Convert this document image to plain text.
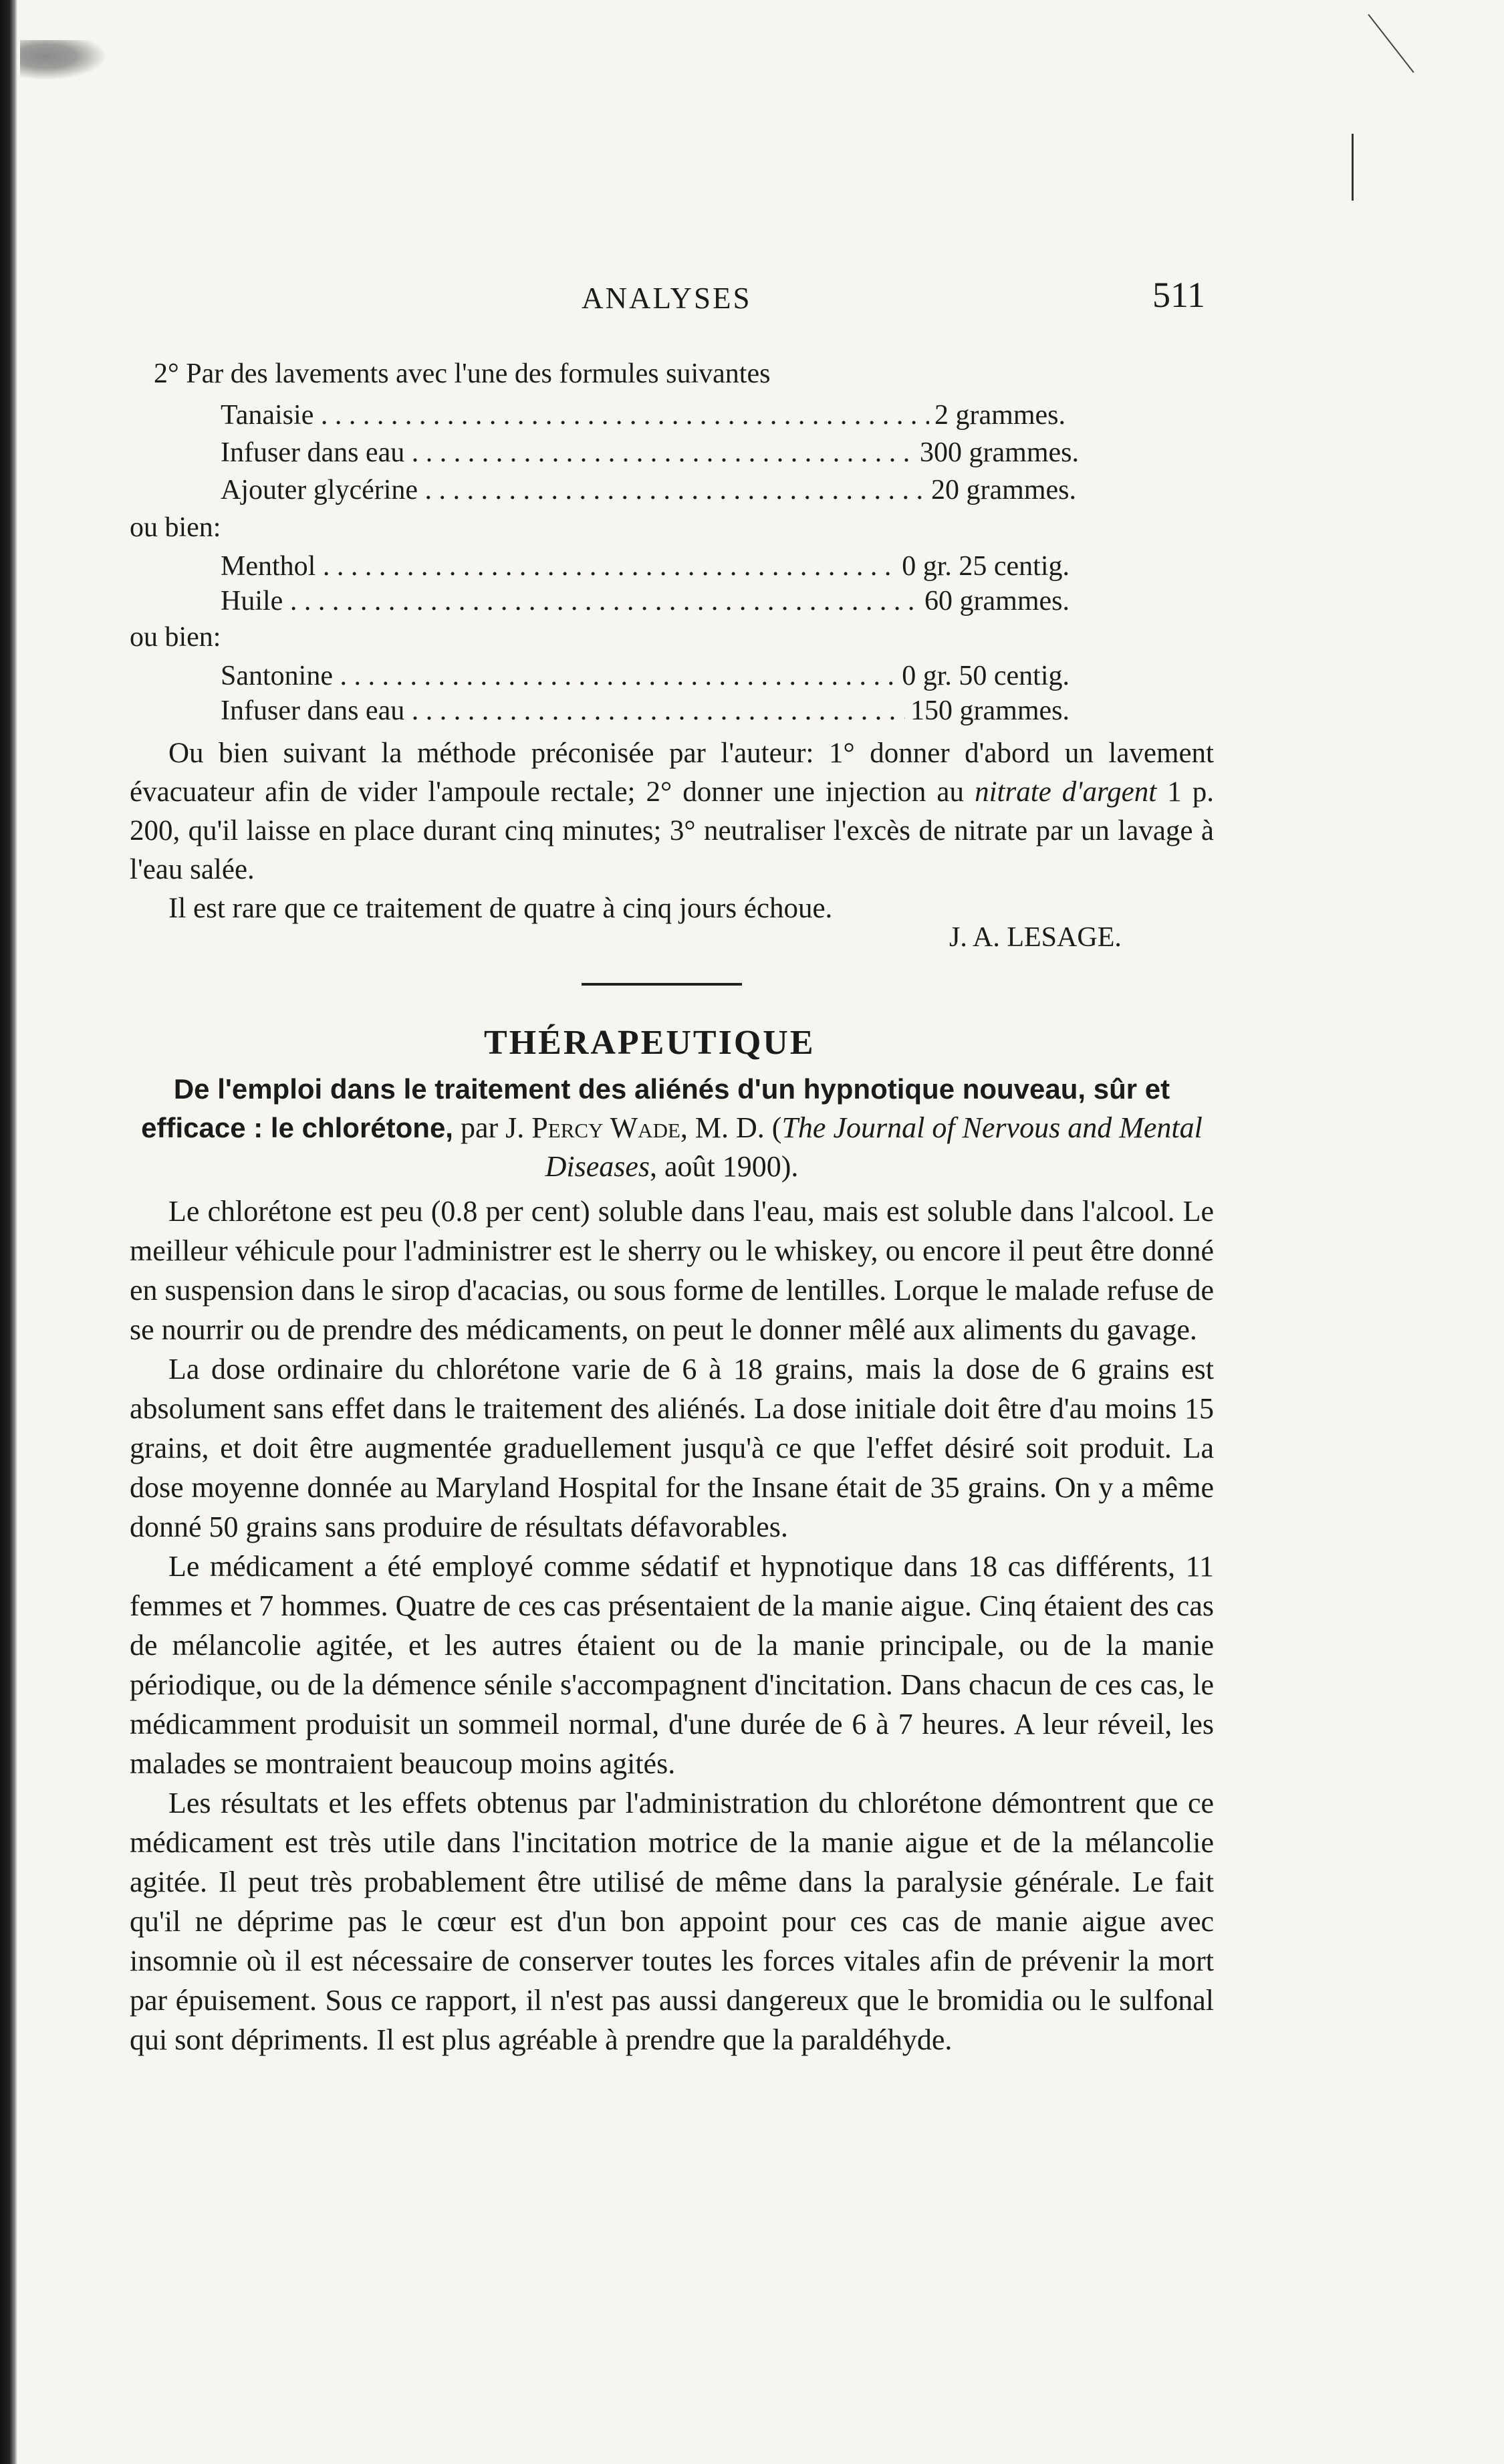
ANALYSES	511
2° Par des lavements avec l'une des formules suivantes
Tanaisie . . .	2 grammes.
Infuser dans eau . . .	300 grammes.
Ajouter glycérine . . .	20 grammes.
ou bien:
Menthol . . .	0 gr. 25 centig.
Huile . . .	60 grammes.
ou bien:
Santonine . . .	0 gr. 50 centig.
Infuser dans eau . . .	150 grammes.

Ou bien suivant la méthode préconisée par l'auteur: 1° donner d'abord un lavement évacuateur afin de vider l'ampoule rectale; 2° donner une injection au nitrate d'argent 1 p. 200, qu'il laisse en place durant cinq minutes; 3° neutraliser l'excès de nitrate par un lavage à l'eau salée.

Il est rare que ce traitement de quatre à cinq jours échoue.

J. A. LESAGE.
THÉRAPEUTIQUE
De l'emploi dans le traitement des aliénés d'un hypnotique nouveau, sûr et efficace : le chlorétone, par J. Percy Wade, M. D. (The Journal of Nervous and Mental Diseases, août 1900).

Le chlorétone est peu (0.8 per cent) soluble dans l'eau, mais est soluble dans l'alcool. Le meilleur véhicule pour l'administrer est le sherry ou le whiskey, ou encore il peut être donné en suspension dans le sirop d'acacias, ou sous forme de lentilles. Lorque le malade refuse de se nourrir ou de prendre des médicaments, on peut le donner mêlé aux aliments du gavage.

La dose ordinaire du chlorétone varie de 6 à 18 grains, mais la dose de 6 grains est absolument sans effet dans le traitement des aliénés. La dose initiale doit être d'au moins 15 grains, et doit être augmentée graduellement jusqu'à ce que l'effet désiré soit produit. La dose moyenne donnée au Maryland Hospital for the Insane était de 35 grains. On y a même donné 50 grains sans produire de résultats défavorables.

Le médicament a été employé comme sédatif et hypnotique dans 18 cas différents, 11 femmes et 7 hommes. Quatre de ces cas présentaient de la manie aigue. Cinq étaient des cas de mélancolie agitée, et les autres étaient ou de la manie principale, ou de la manie périodique, ou de la démence sénile s'accompagnent d'incitation. Dans chacun de ces cas, le médicamment produisit un sommeil normal, d'une durée de 6 à 7 heures. A leur réveil, les malades se montraient beaucoup moins agités.

Les résultats et les effets obtenus par l'administration du chlorétone démontrent que ce médicament est très utile dans l'incitation motrice de la manie aigue et de la mélancolie agitée. Il peut très probablement être utilisé de même dans la paralysie générale. Le fait qu'il ne déprime pas le cœur est d'un bon appoint pour ces cas de manie aigue avec insomnie où il est nécessaire de conserver toutes les forces vitales afin de prévenir la mort par épuisement. Sous ce rapport, il n'est pas aussi dangereux que le bromidia ou le sulfonal qui sont dépriments. Il est plus agréable à prendre que la paraldéhyde.
